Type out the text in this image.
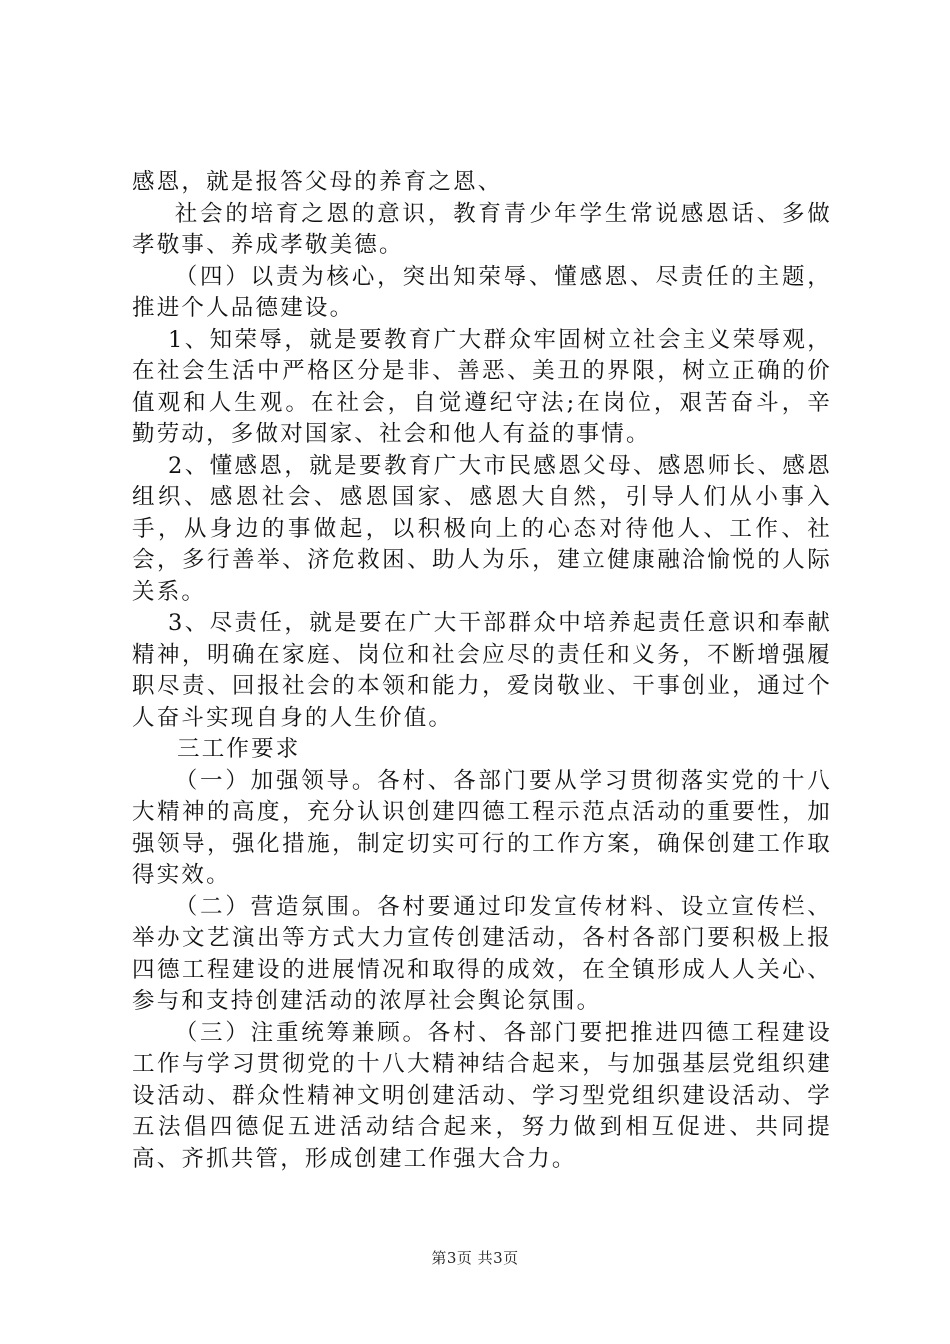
感恩，就是报答父母的养育之恩、

社会的培育之恩的意识，教育青少年学生常说感恩话、多做孝敬事、养成孝敬美德。

（四）以责为核心，突出知荣辱、懂感恩、尽责任的主题，推进个人品德建设。

1、知荣辱，就是要教育广大群众牢固树立社会主义荣辱观，在社会生活中严格区分是非、善恶、美丑的界限，树立正确的价值观和人生观。在社会，自觉遵纪守法;在岗位，艰苦奋斗，辛勤劳动，多做对国家、社会和他人有益的事情。

2、懂感恩，就是要教育广大市民感恩父母、感恩师长、感恩组织、感恩社会、感恩国家、感恩大自然，引导人们从小事入手，从身边的事做起，以积极向上的心态对待他人、工作、社会，多行善举、济危救困、助人为乐，建立健康融洽愉悦的人际关系。

3、尽责任，就是要在广大干部群众中培养起责任意识和奉献精神，明确在家庭、岗位和社会应尽的责任和义务，不断增强履职尽责、回报社会的本领和能力，爱岗敬业、干事创业，通过个人奋斗实现自身的人生价值。

三工作要求

（一）加强领导。各村、各部门要从学习贯彻落实党的十八大精神的高度，充分认识创建四德工程示范点活动的重要性，加强领导，强化措施，制定切实可行的工作方案，确保创建工作取得实效。

（二）营造氛围。各村要通过印发宣传材料、设立宣传栏、举办文艺演出等方式大力宣传创建活动，各村各部门要积极上报四德工程建设的进展情况和取得的成效，在全镇形成人人关心、参与和支持创建活动的浓厚社会舆论氛围。

（三）注重统筹兼顾。各村、各部门要把推进四德工程建设工作与学习贯彻党的十八大精神结合起来，与加强基层党组织建设活动、群众性精神文明创建活动、学习型党组织建设活动、学五法倡四德促五进活动结合起来，努力做到相互促进、共同提高、齐抓共管，形成创建工作强大合力。

第3页 共3页
